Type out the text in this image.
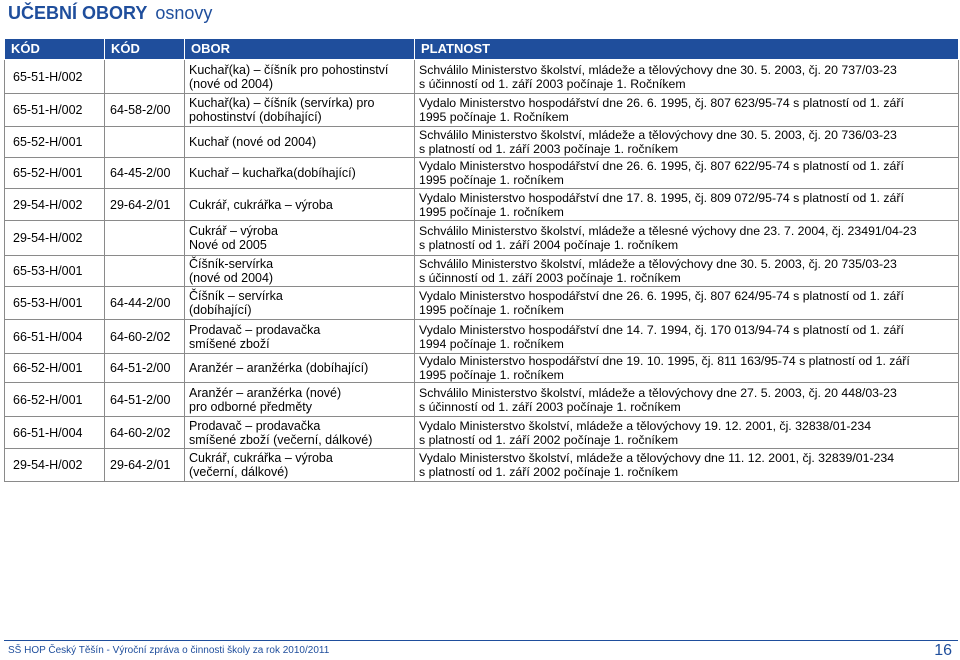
UČEBNÍ OBORY osnovy
KÓD	KÓD	OBOR	PLATNOST

65-51-H/002		Kuchař(ka) – číšník pro pohostinství
(nové od 2004)	Schválilo Ministerstvo školství, mládeže a tělovýchovy dne 30. 5. 2003, čj. 20 737/03-23
s účinností od 1. září 2003 počínaje 1. Ročníkem

65-51-H/002	64-58-2/00	Kuchař(ka) – číšník (servírka) pro
pohostinství (dobíhající)	Vydalo Ministerstvo hospodářství dne 26. 6. 1995, čj. 807 623/95-74 s platností od 1. září
1995 počínaje 1. Ročníkem

65-52-H/001		Kuchař (nové od 2004)	Schválilo Ministerstvo školství, mládeže a tělovýchovy dne 30. 5. 2003, čj. 20 736/03-23
s platností od 1. září 2003 počínaje 1. ročníkem

65-52-H/001	64-45-2/00	Kuchař – kuchařka(dobíhající)	Vydalo Ministerstvo hospodářství dne 26. 6. 1995, čj. 807 622/95-74 s platností od 1. září
1995 počínaje 1. ročníkem

29-54-H/002	29-64-2/01	Cukrář, cukrářka – výroba	Vydalo Ministerstvo hospodářství dne 17. 8. 1995, čj. 809 072/95-74 s platností od 1. září
1995 počínaje 1. ročníkem

29-54-H/002		Cukrář – výroba
Nové od 2005	Schválilo Ministerstvo školství, mládeže a tělesné výchovy dne 23. 7. 2004, čj. 23491/04-23
s platností od 1. září 2004 počínaje 1. ročníkem

65-53-H/001		Číšník-servírka
(nové od 2004)	Schválilo Ministerstvo školství, mládeže a tělovýchovy dne 30. 5. 2003, čj. 20 735/03-23
s účinností od 1. září 2003 počínaje 1. ročníkem

65-53-H/001	64-44-2/00	Číšník – servírka
(dobíhající)	Vydalo Ministerstvo hospodářství dne 26. 6. 1995, čj. 807 624/95-74 s platností od 1. září
1995 počínaje 1. ročníkem

66-51-H/004	64-60-2/02	Prodavač – prodavačka
smíšené zboží	Vydalo Ministerstvo hospodářství dne 14. 7. 1994, čj. 170 013/94-74 s platností od 1. září
1994 počínaje 1. ročníkem

66-52-H/001	64-51-2/00	Aranžér – aranžérka (dobíhající)	Vydalo Ministerstvo hospodářství dne 19. 10. 1995, čj. 811 163/95-74 s platností od 1. září
1995 počínaje 1. ročníkem

66-52-H/001	64-51-2/00	Aranžér – aranžérka (nové)
pro odborné předměty	Schválilo Ministerstvo školství, mládeže a tělovýchovy dne 27. 5. 2003, čj. 20 448/03-23
s účinností od 1. září 2003 počínaje 1. ročníkem

66-51-H/004	64-60-2/02	Prodavač – prodavačka
smíšené zboží (večerní, dálkové)	Vydalo Ministerstvo školství, mládeže a tělovýchovy 19. 12. 2001, čj. 32838/01-234
s platností od 1. září 2002 počínaje 1. ročníkem

29-54-H/002	29-64-2/01	Cukrář, cukrářka – výroba
(večerní, dálkové)	Vydalo Ministerstvo školství, mládeže a tělovýchovy dne 11. 12. 2001, čj. 32839/01-234
s platností od 1. září 2002 počínaje 1. ročníkem
SŠ HOP Český Těšín - Výroční zpráva o činnosti školy za rok 2010/2011	16
